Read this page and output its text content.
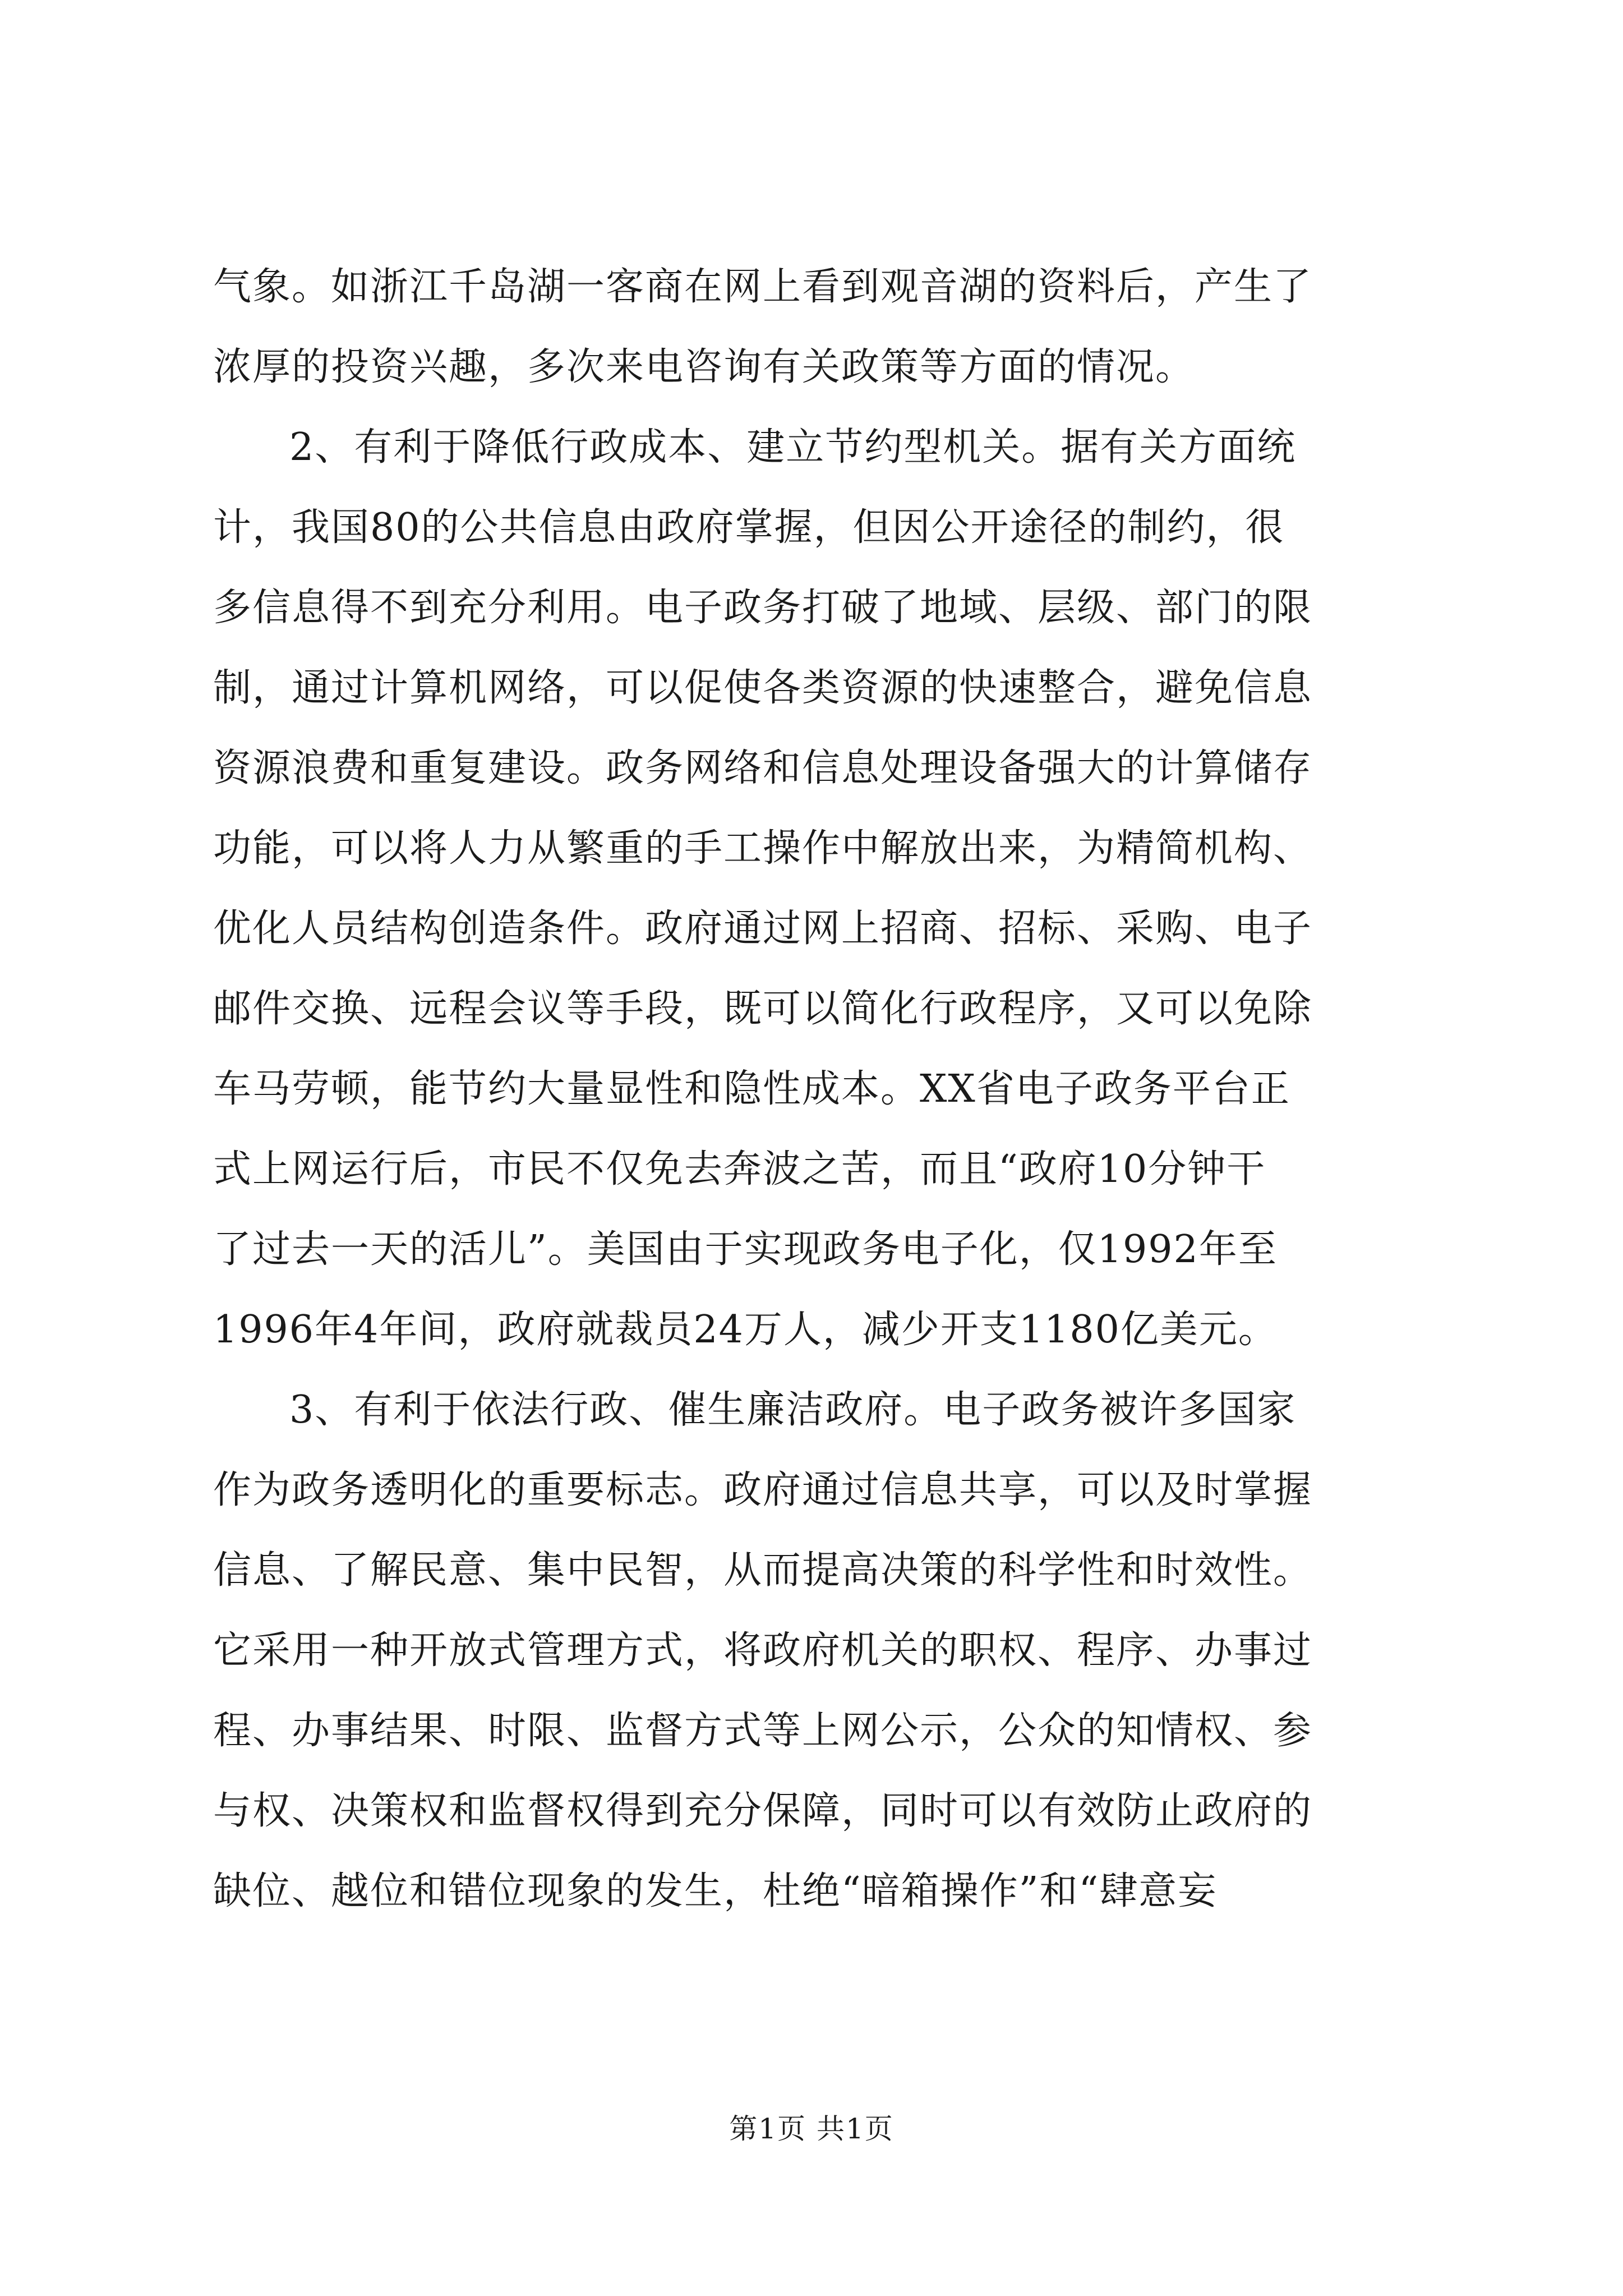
气象。如浙江千岛湖一客商在网上看到观音湖的资料后，产生了
浓厚的投资兴趣，多次来电咨询有关政策等方面的情况。
2、有利于降低行政成本、建立节约型机关。据有关方面统
计，我国80的公共信息由政府掌握，但因公开途径的制约，很
多信息得不到充分利用。电子政务打破了地域、层级、部门的限
制，通过计算机网络，可以促使各类资源的快速整合，避免信息
资源浪费和重复建设。政务网络和信息处理设备强大的计算储存
功能，可以将人力从繁重的手工操作中解放出来，为精简机构、
优化人员结构创造条件。政府通过网上招商、招标、采购、电子
邮件交换、远程会议等手段，既可以简化行政程序，又可以免除
车马劳顿，能节约大量显性和隐性成本。XX省电子政务平台正
式上网运行后，市民不仅免去奔波之苦，而且“政府10分钟干
了过去一天的活儿”。美国由于实现政务电子化，仅1992年至
1996年4年间，政府就裁员24万人，减少开支1180亿美元。
3、有利于依法行政、催生廉洁政府。电子政务被许多国家
作为政务透明化的重要标志。政府通过信息共享，可以及时掌握
信息、了解民意、集中民智，从而提高决策的科学性和时效性。
它采用一种开放式管理方式，将政府机关的职权、程序、办事过
程、办事结果、时限、监督方式等上网公示，公众的知情权、参
与权、决策权和监督权得到充分保障，同时可以有效防止政府的
缺位、越位和错位现象的发生，杜绝“暗箱操作”和“肆意妄
第1页 共1页
